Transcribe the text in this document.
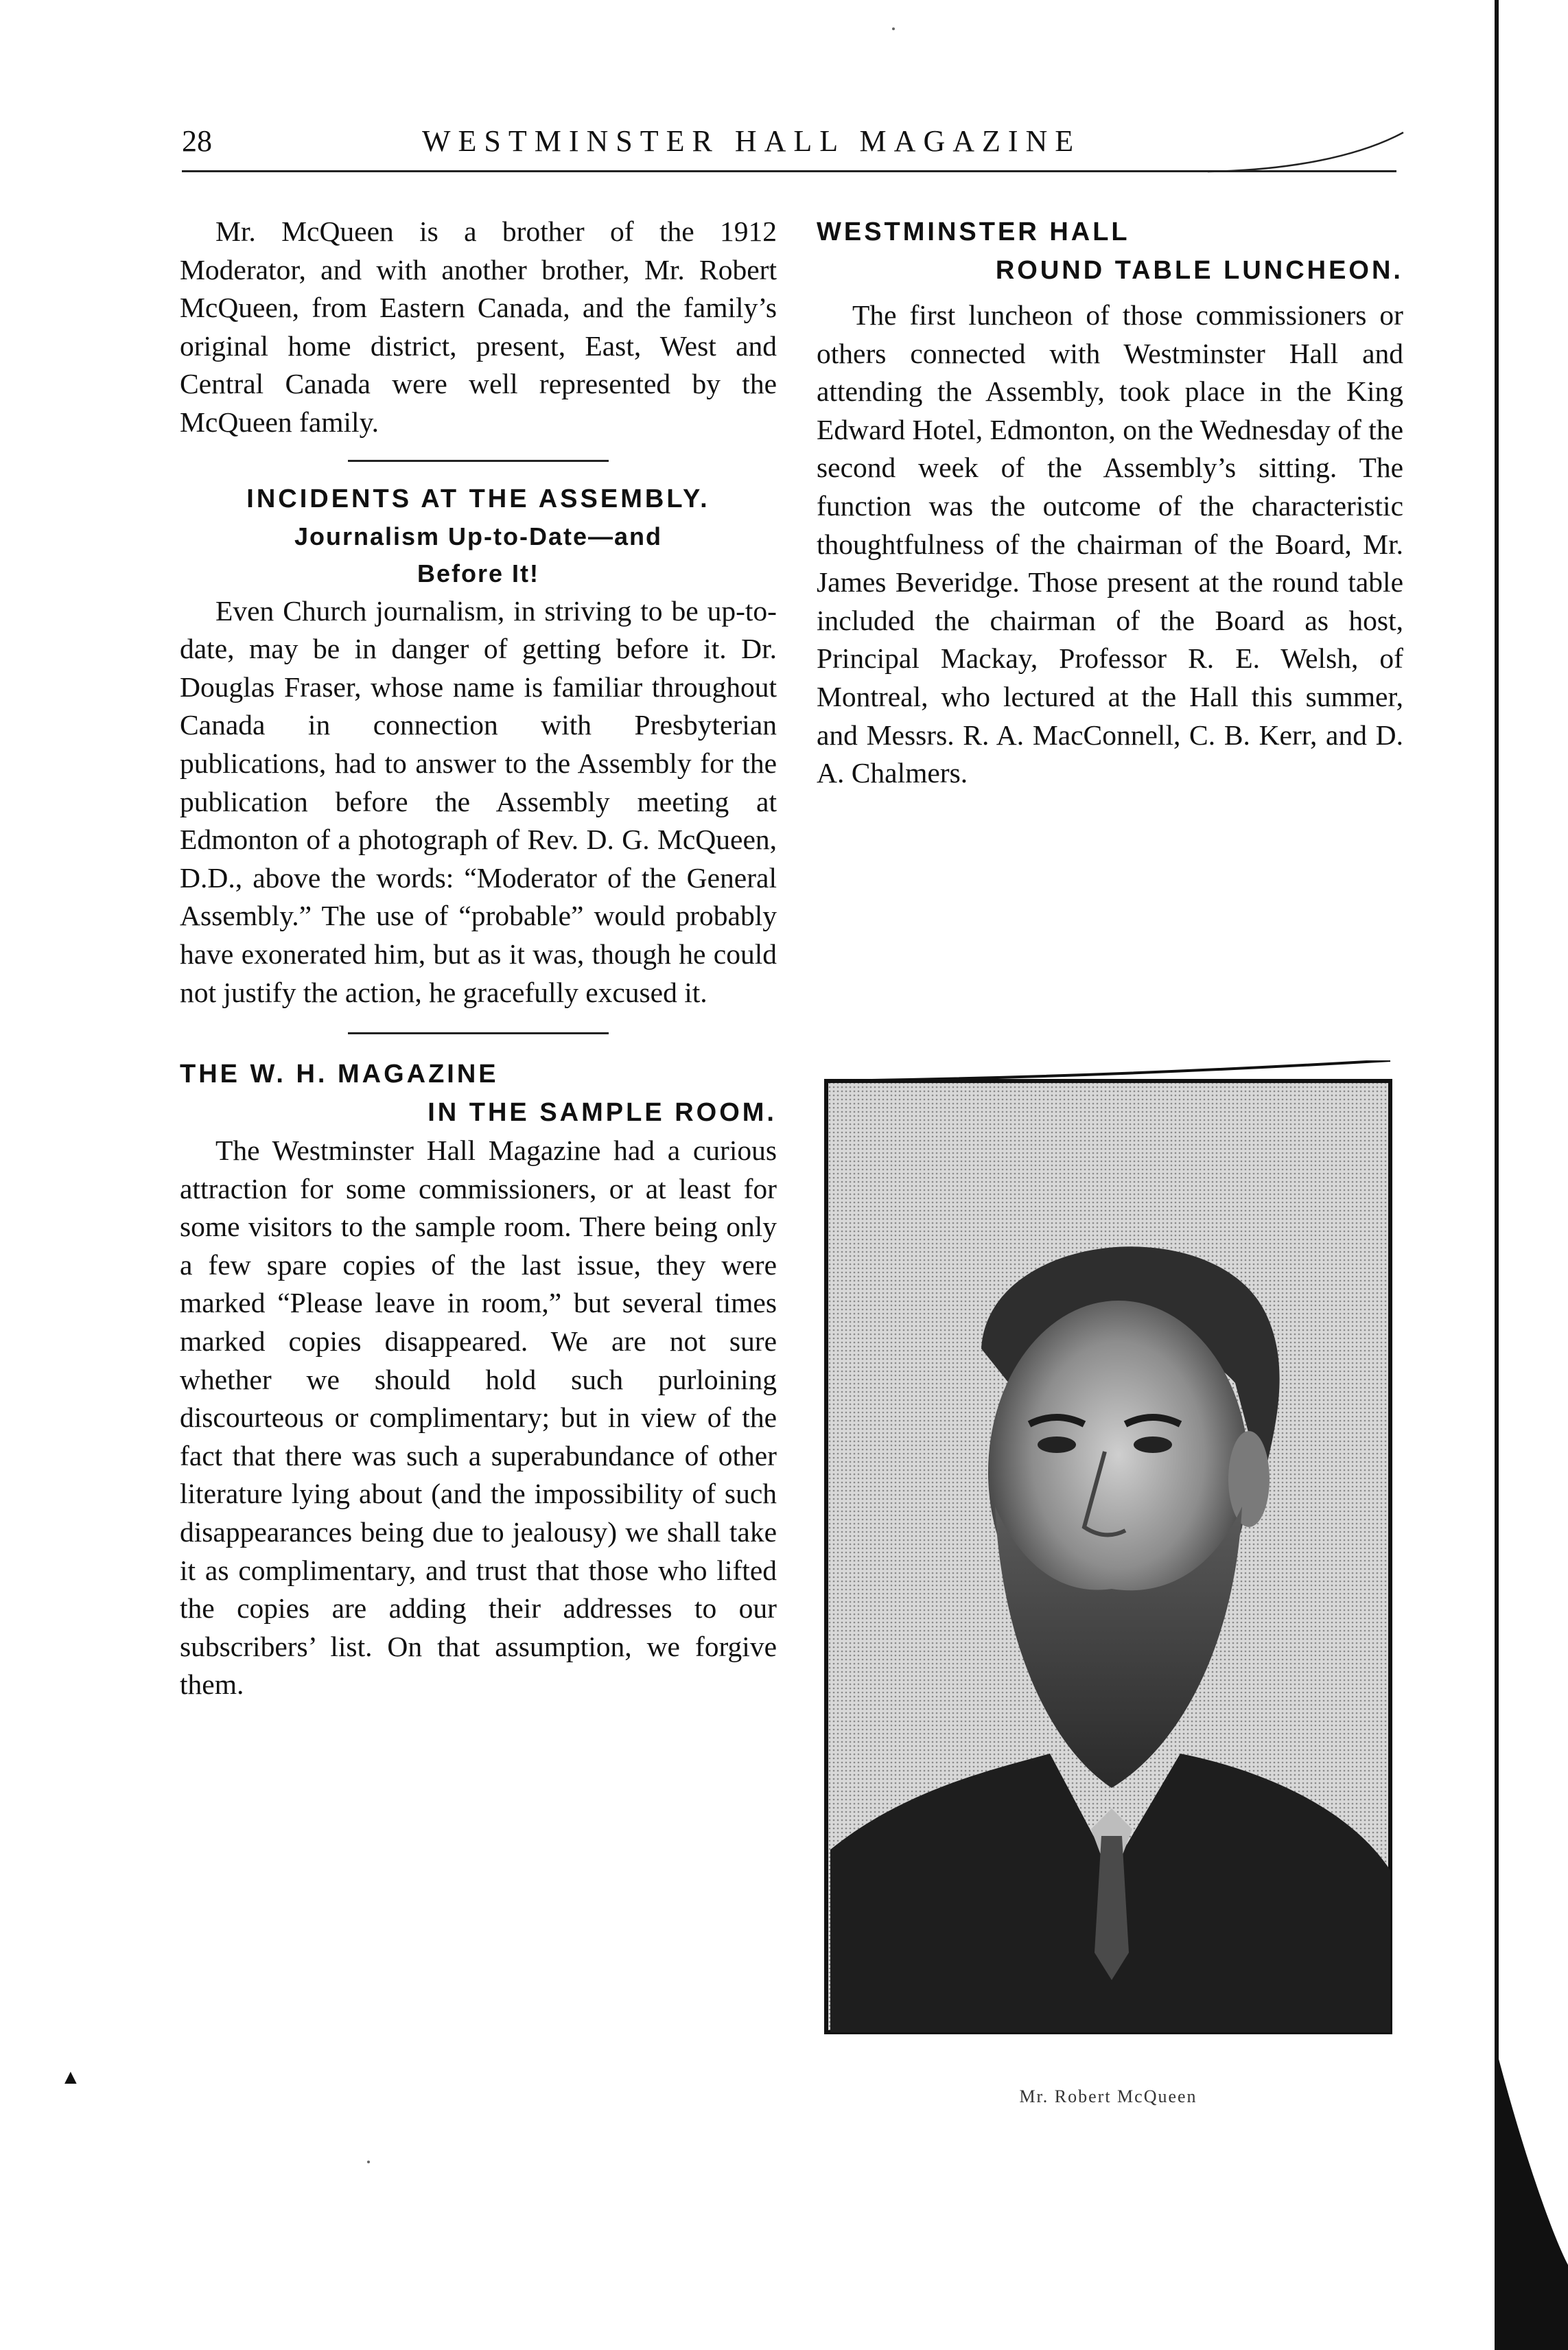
28	WESTMINSTER HALL MAGAZINE

Mr. McQueen is a brother of the 1912 Moderator, and with another brother, Mr. Robert McQueen, from Eastern Canada, and the family’s original home district, present, East, West and Central Canada were well represented by the McQueen family.

INCIDENTS AT THE ASSEMBLY.
Journalism Up-to-Date—and
Before It!

Even Church journalism, in striving to be up-to-date, may be in danger of getting before it. Dr. Douglas Fraser, whose name is familiar throughout Canada in connection with Presbyterian publications, had to answer to the Assembly for the publication before the Assembly meeting at Edmonton of a photograph of Rev. D. G. McQueen, D.D., above the words: “Moderator of the General Assembly.” The use of “probable” would probably have exonerated him, but as it was, though he could not justify the action, he gracefully excused it.

THE W. H. MAGAZINE
IN THE SAMPLE ROOM.

The Westminster Hall Magazine had a curious attraction for some commissioners, or at least for some visitors to the sample room. There being only a few spare copies of the last issue, they were marked “Please leave in room,” but several times marked copies disappeared. We are not sure whether we should hold such purloining discourteous or complimentary; but in view of the fact that there was such a superabundance of other literature lying about (and the impossibility of such disappearances being due to jealousy) we shall take it as complimentary, and trust that those who lifted the copies are adding their addresses to our subscribers’ list. On that assumption, we forgive them.

WESTMINSTER HALL
ROUND TABLE LUNCHEON.

The first luncheon of those commissioners or others connected with Westminster Hall and attending the Assembly, took place in the King Edward Hotel, Edmonton, on the Wednesday of the second week of the Assembly’s sitting. The function was the outcome of the characteristic thoughtfulness of the chairman of the Board, Mr. James Beveridge. Those present at the round table included the chairman of the Board as host, Principal Mackay, Professor R. E. Welsh, of Montreal, who lectured at the Hall this summer, and Messrs. R. A. MacConnell, C. B. Kerr, and D. A. Chalmers.

Mr. Robert McQueen
▲
